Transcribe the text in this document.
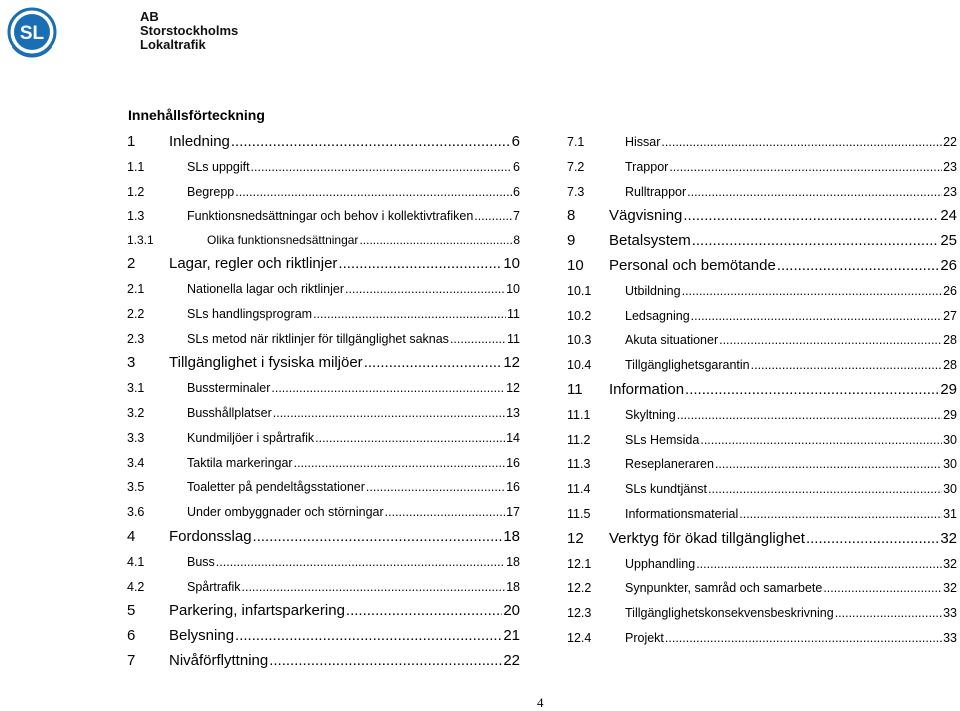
SL
AB
Storstockholms
Lokaltrafik
Innehållsförteckning
1	Inledning .....	6
1.1	SLs uppgift .....	6
1.2	Begrepp .....	6
1.3	Funktionsnedsättningar och behov i kollektivtrafiken .....	7
1.3.1	Olika funktionsnedsättningar .....	8
2	Lagar, regler och riktlinjer .....	10
2.1	Nationella lagar och riktlinjer .....	10
2.2	SLs handlingsprogram .....	11
2.3	SLs metod när riktlinjer för tillgänglighet saknas .....	11
3	Tillgänglighet i fysiska miljöer .....	12
3.1	Bussterminaler .....	12
3.2	Busshållplatser .....	13
3.3	Kundmiljöer i spårtrafik .....	14
3.4	Taktila markeringar .....	16
3.5	Toaletter på pendeltågsstationer .....	16
3.6	Under ombyggnader och störningar .....	17
4	Fordonsslag .....	18
4.1	Buss .....	18
4.2	Spårtrafik .....	18
5	Parkering, infartsparkering .....	20
6	Belysning .....	21
7	Nivåförflyttning .....	22
7.1	Hissar .....	22
7.2	Trappor .....	23
7.3	Rulltrappor .....	23
8	Vägvisning .....	24
9	Betalsystem .....	25
10	Personal och bemötande .....	26
10.1	Utbildning .....	26
10.2	Ledsagning .....	27
10.3	Akuta situationer .....	28
10.4	Tillgänglighetsgarantin .....	28
11	Information .....	29
11.1	Skyltning .....	29
11.2	SLs Hemsida .....	30
11.3	Reseplaneraren .....	30
11.4	SLs kundtjänst .....	30
11.5	Informationsmaterial .....	31
12	Verktyg för ökad tillgänglighet .....	32
12.1	Upphandling .....	32
12.2	Synpunkter, samråd och samarbete .....	32
12.3	Tillgänglighetskonsekvensbeskrivning .....	33
12.4	Projekt .....	33
4
